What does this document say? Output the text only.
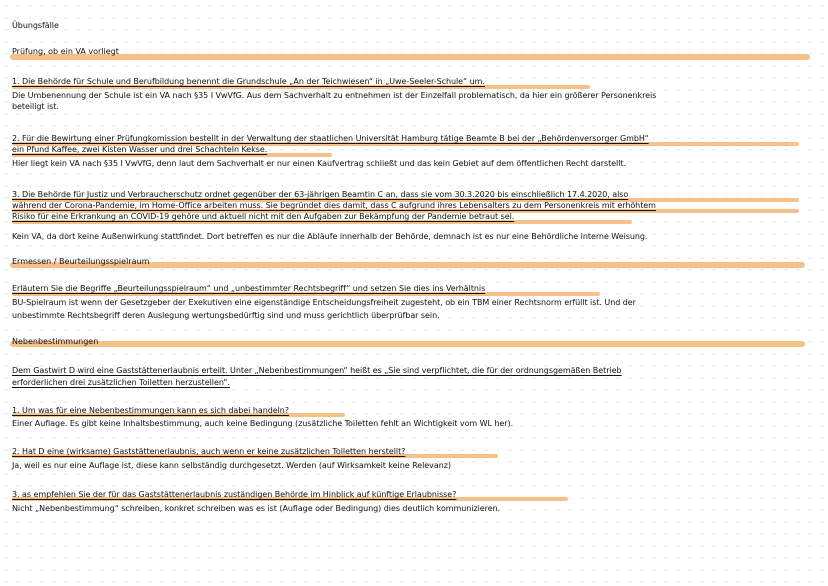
Übungsfälle
Prüfung, ob ein VA vorliegt
1. Die Behörde für Schule und Berufbildung benennt die Grundschule „An der Teichwiesen“ in „Uwe-Seeler-Schule“ um.
Die Umbenennung der Schule ist ein VA nach §35 I VwVfG. Aus dem Sachverhalt zu entnehmen ist der Einzelfall problematisch, da hier ein größerer Personenkreis
beteiligt ist.
2. Für die Bewirtung einer Prüfungkomission bestellt in der Verwaltung der staatlichen Universität Hamburg tätige Beamte B bei der „Behördenversorger GmbH“
ein Pfund Kaffee, zwei Kisten Wasser und drei Schachteln Kekse.
Hier liegt kein VA nach §35 I VwVfG, denn laut dem Sachverhalt er nur einen Kaufvertrag schließt und das kein Gebiet auf dem öffentlichen Recht darstellt.
3. Die Behörde für Justiz und Verbraucherschutz ordnet gegenüber der 63-jährigen Beamtin C an, dass sie vom 30.3.2020 bis einschließlich 17.4.2020, also
während der Corona-Pandemie, im Home-Office arbeiten muss. Sie begründet dies damit, dass C aufgrund ihres Lebensalters zu dem Personenkreis mit erhöhtem
Risiko für eine Erkrankung an COVID-19 gehöre und aktuell nicht mit den Aufgaben zur Bekämpfung der Pandemie betraut sei.
Kein VA, da dort keine Außenwirkung stattfindet. Dort betreffen es nur die Abläufe innerhalb der Behörde, demnach ist es nur eine Behördliche interne Weisung.
Ermessen / Beurteilungsspielraum
Erläutern Sie die Begriffe „Beurteilungsspielraum“ und „unbestimmter Rechtsbegriff“ und setzen Sie dies ins Verhältnis
BU-Spielraum ist wenn der Gesetzgeber der Exekutiven eine eigenständige Entscheidungsfreiheit zugesteht, ob ein TBM einer Rechtsnorm erfüllt ist. Und der
unbestimmte Rechtsbegriff deren Auslegung wertungsbedürftig sind und muss gerichtlich überprüfbar sein.
Nebenbestimmungen
Dem Gastwirt D wird eine Gaststättenerlaubnis erteilt. Unter „Nebenbestimmungen“ heißt es „Sie sind verpflichtet, die für der ordnungsgemäßen Betrieb
erforderlichen drei zusätzlichen Toiletten herzustellen“.
1. Um was für eine Nebenbestimmungen kann es sich dabei handeln?
Einer Auflage. Es gibt keine Inhaltsbestimmung, auch keine Bedingung (zusätzliche Toiletten fehlt an Wichtigkeit vom WL her).
2. Hat D eine (wirksame) Gaststättenerlaubnis, auch wenn er keine zusätzlichen Toiletten herstellt?
Ja, weil es nur eine Auflage ist, diese kann selbständig durchgesetzt. Werden (auf Wirksamkeit keine Relevanz)
3. as empfehlen Sie der für das Gaststättenerlaubnis zuständigen Behörde im Hinblick auf künftige Erlaubnisse?
Nicht „Nebenbestimmung“ schreiben, konkret schreiben was es ist (Auflage oder Bedingung) dies deutlich kommunizieren.
